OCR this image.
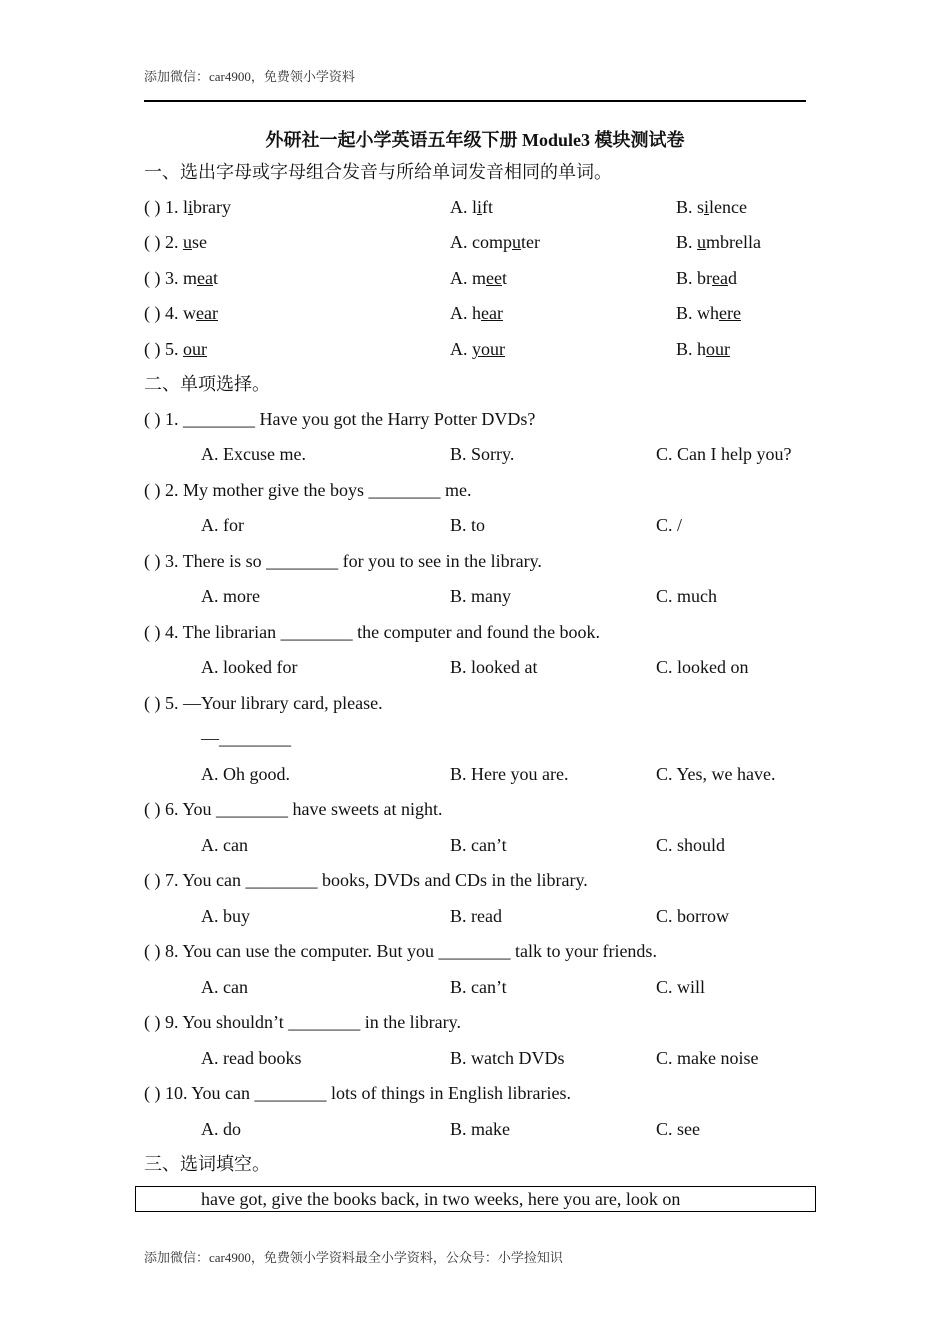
添加微信：car4900，免费领小学资料
外研社一起小学英语五年级下册 Module3 模块测试卷
一、选出字母或字母组合发音与所给单词发音相同的单词。
( ) 1. library	A. lift	B. silence
( ) 2. use	A. computer	B. umbrella
( ) 3. meat	A. meet	B. bread
( ) 4. wear	A. hear	B. where
( ) 5. our	A. your	B. hour
二、单项选择。
( ) 1. ________ Have you got the Harry Potter DVDs?
A. Excuse me.	B. Sorry.	C. Can I help you?
( ) 2. My mother give the boys ________ me.
A. for	B. to	C. /
( ) 3. There is so ________ for you to see in the library.
A. more	B. many	C. much
( ) 4. The librarian ________ the computer and found the book.
A. looked for	B. looked at	C. looked on
( ) 5. —Your library card, please.
—________
A. Oh good.	B. Here you are.	C. Yes, we have.
( ) 6. You ________ have sweets at night.
A. can	B. can’t	C. should
( ) 7. You can ________ books, DVDs and CDs in the library.
A. buy	B. read	C. borrow
( ) 8. You can use the computer. But you ________ talk to your friends.
A. can	B. can’t	C. will
( ) 9. You shouldn’t ________ in the library.
A. read books	B. watch DVDs	C. make noise
( ) 10. You can ________ lots of things in English libraries.
A. do	B. make	C. see
三、选词填空。
have got, give the books back, in two weeks, here you are, look on
添加微信：car4900，免费领小学资料最全小学资料，公众号：小学捡知识
